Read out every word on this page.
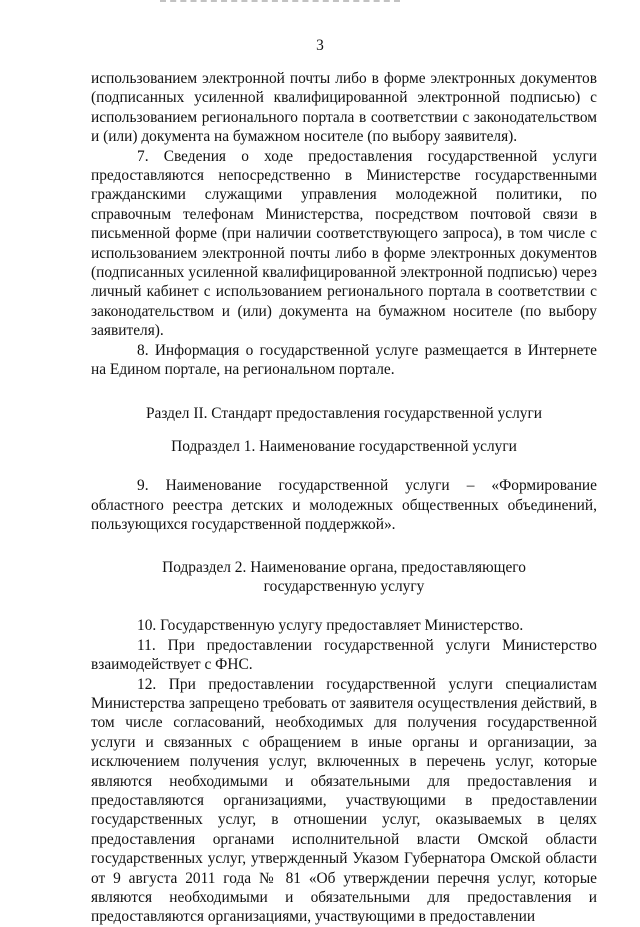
3

использованием электронной почты либо в форме электронных документов (подписанных усиленной квалифицированной электронной подписью) с использованием регионального портала в соответствии с законодательством и (или) документа на бумажном носителе (по выбору заявителя).

7. Сведения о ходе предоставления государственной услуги предоставляются непосредственно в Министерстве государственными гражданскими служащими управления молодежной политики, по справочным телефонам Министерства, посредством почтовой связи в письменной форме (при наличии соответствующего запроса), в том числе с использованием электронной почты либо в форме электронных документов (подписанных усиленной квалифицированной электронной подписью) через личный кабинет с использованием регионального портала в соответствии с законодательством и (или) документа на бумажном носителе (по выбору заявителя).

8. Информация о государственной услуге размещается в Интернете на Едином портале, на региональном портале.

Раздел II. Стандарт предоставления государственной услуги

Подраздел 1. Наименование государственной услуги

9. Наименование государственной услуги – «Формирование областного реестра детских и молодежных общественных объединений, пользующихся государственной поддержкой».

Подраздел 2. Наименование органа, предоставляющего

государственную услугу

10. Государственную услугу предоставляет Министерство.

11. При предоставлении государственной услуги Министерство взаимодействует с ФНС.

12. При предоставлении государственной услуги специалистам Министерства запрещено требовать от заявителя осуществления действий, в том числе согласований, необходимых для получения государственной услуги и связанных с обращением в иные органы и организации, за исключением получения услуг, включенных в перечень услуг, которые являются необходимыми и обязательными для предоставления и предоставляются организациями, участвующими в предоставлении государственных услуг, в отношении услуг, оказываемых в целях предоставления органами исполнительной власти Омской области государственных услуг, утвержденный Указом Губернатора Омской области от 9 августа 2011 года № 81 «Об утверждении перечня услуг, которые являются необходимыми и обязательными для предоставления и предоставляются организациями, участвующими в предоставлении
